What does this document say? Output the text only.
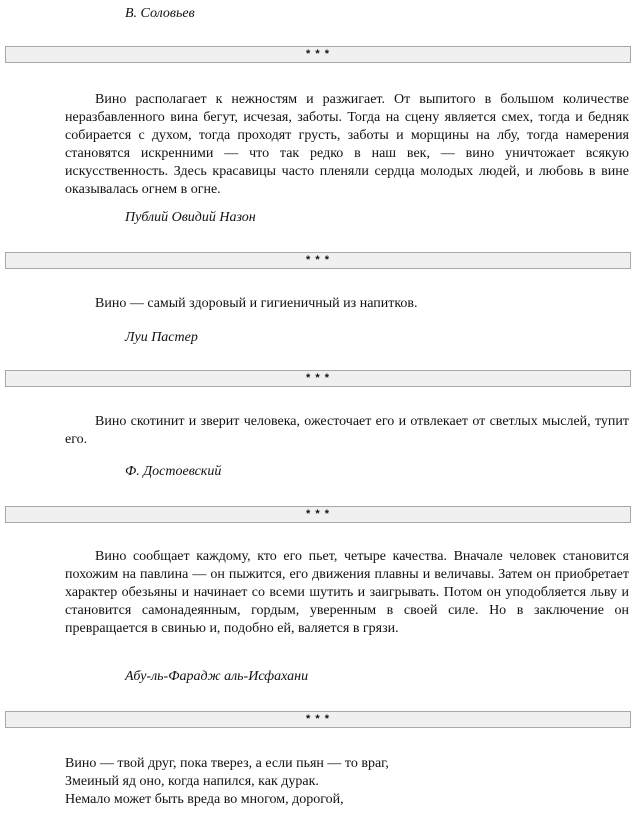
В. Соловьев
* * *

Вино располагает к нежностям и разжигает. От выпитого в большом количестве неразбавленного вина бегут, исчезая, заботы. Тогда на сцену является смех, тогда и бедняк собирается с духом, тогда проходят грусть, заботы и морщины на лбу, тогда намерения становятся искренними — что так редко в наш век, — вино уничтожает всякую искусственность. Здесь красавицы часто пленяли сердца молодых людей, и любовь в вине оказывалась огнем в огне.

Публий Овидий Назон
* * *

Вино — самый здоровый и гигиеничный из напитков.

Луи Пастер
* * *

Вино скотинит и зверит человека, ожесточает его и отвлекает от светлых мыслей, тупит его.

Ф. Достоевский
* * *

Вино сообщает каждому, кто его пьет, четыре качества. Вначале человек становится похожим на павлина — он пыжится, его движения плавны и величавы. Затем он приобретает характер обезьяны и начинает со всеми шутить и заигрывать. Потом он уподобляется льву и становится самонадеянным, гордым, уверенным в своей силе. Но в заключение он превращается в свинью и, подобно ей, валяется в грязи.

Абу-ль-Фарадж аль-Исфахани
* * *
Вино — твой друг, пока тверез, а если пьян — то враг,
Змеиный яд оно, когда напился, как дурак.
Немало может быть вреда во многом, дорогой,
